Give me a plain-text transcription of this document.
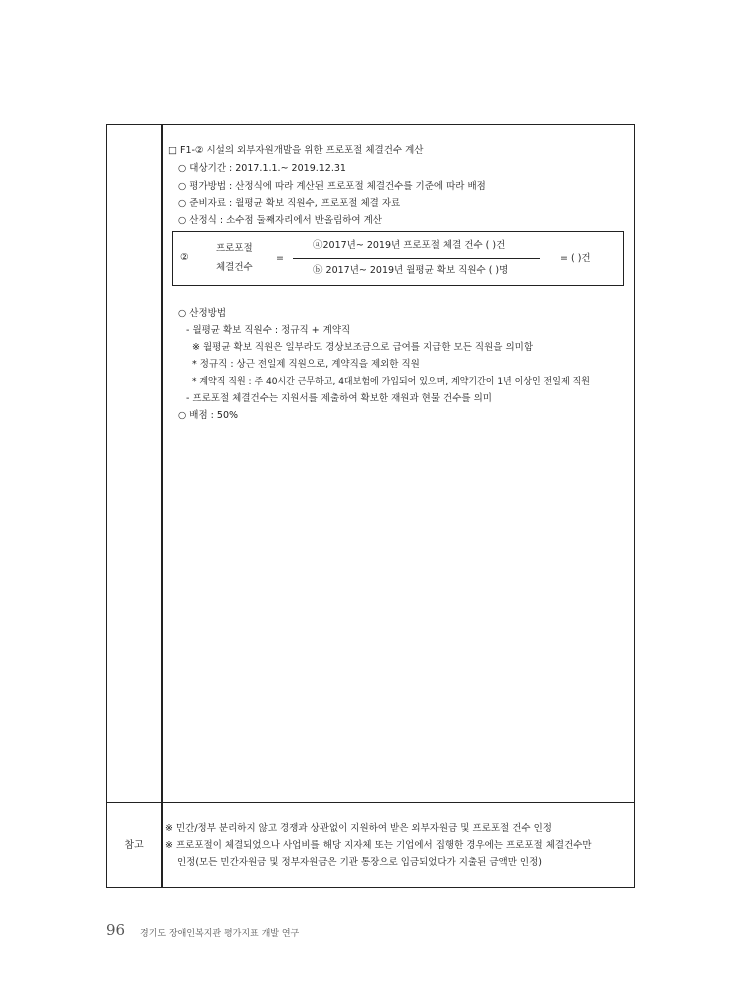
□ F1-② 시설의 외부자원개발을 위한 프로포절 체결건수 계산
○ 대상기간 : 2017.1.1.~ 2019.12.31
○ 평가방법 : 산정식에 따라 계산된 프로포절 체결건수를 기준에 따라 배점
○ 준비자료 : 월평균 확보 직원수, 프로포절 체결 자료
○ 산정식 : 소수점 둘째자리에서 반올림하여 계산
②
프로포절
체결건수
=
ⓐ2017년~ 2019년 프로포절 체결 건수 ( )건
ⓑ 2017년~ 2019년 월평균 확보 직원수 ( )명
= ( )건
○ 산정방법
- 월평균 확보 직원수 : 정규직 + 계약직
※ 월평균 확보 직원은 일부라도 경상보조금으로 급여를 지급한 모든 직원을 의미함
* 정규직 : 상근 전일제 직원으로, 계약직을 제외한 직원
* 계약직 직원 : 주 40시간 근무하고, 4대보험에 가입되어 있으며, 계약기간이 1년 이상인 전일제 직원
- 프로포절 체결건수는 지원서를 제출하여 확보한 재원과 현물 건수를 의미
○ 배점 : 50%
참고
※ 민간/정부 분리하지 않고 경쟁과 상관없이 지원하여 받은 외부자원금 및 프로포절 건수 인정
※ 프로포절이 체결되었으나 사업비를 해당 지자체 또는 기업에서 집행한 경우에는 프로포절 체결건수만
인정(모든 민간자원금 및 정부자원금은 기관 통장으로 입금되었다가 지출된 금액만 인정)
96 경기도 장애인복지관 평가지표 개발 연구
